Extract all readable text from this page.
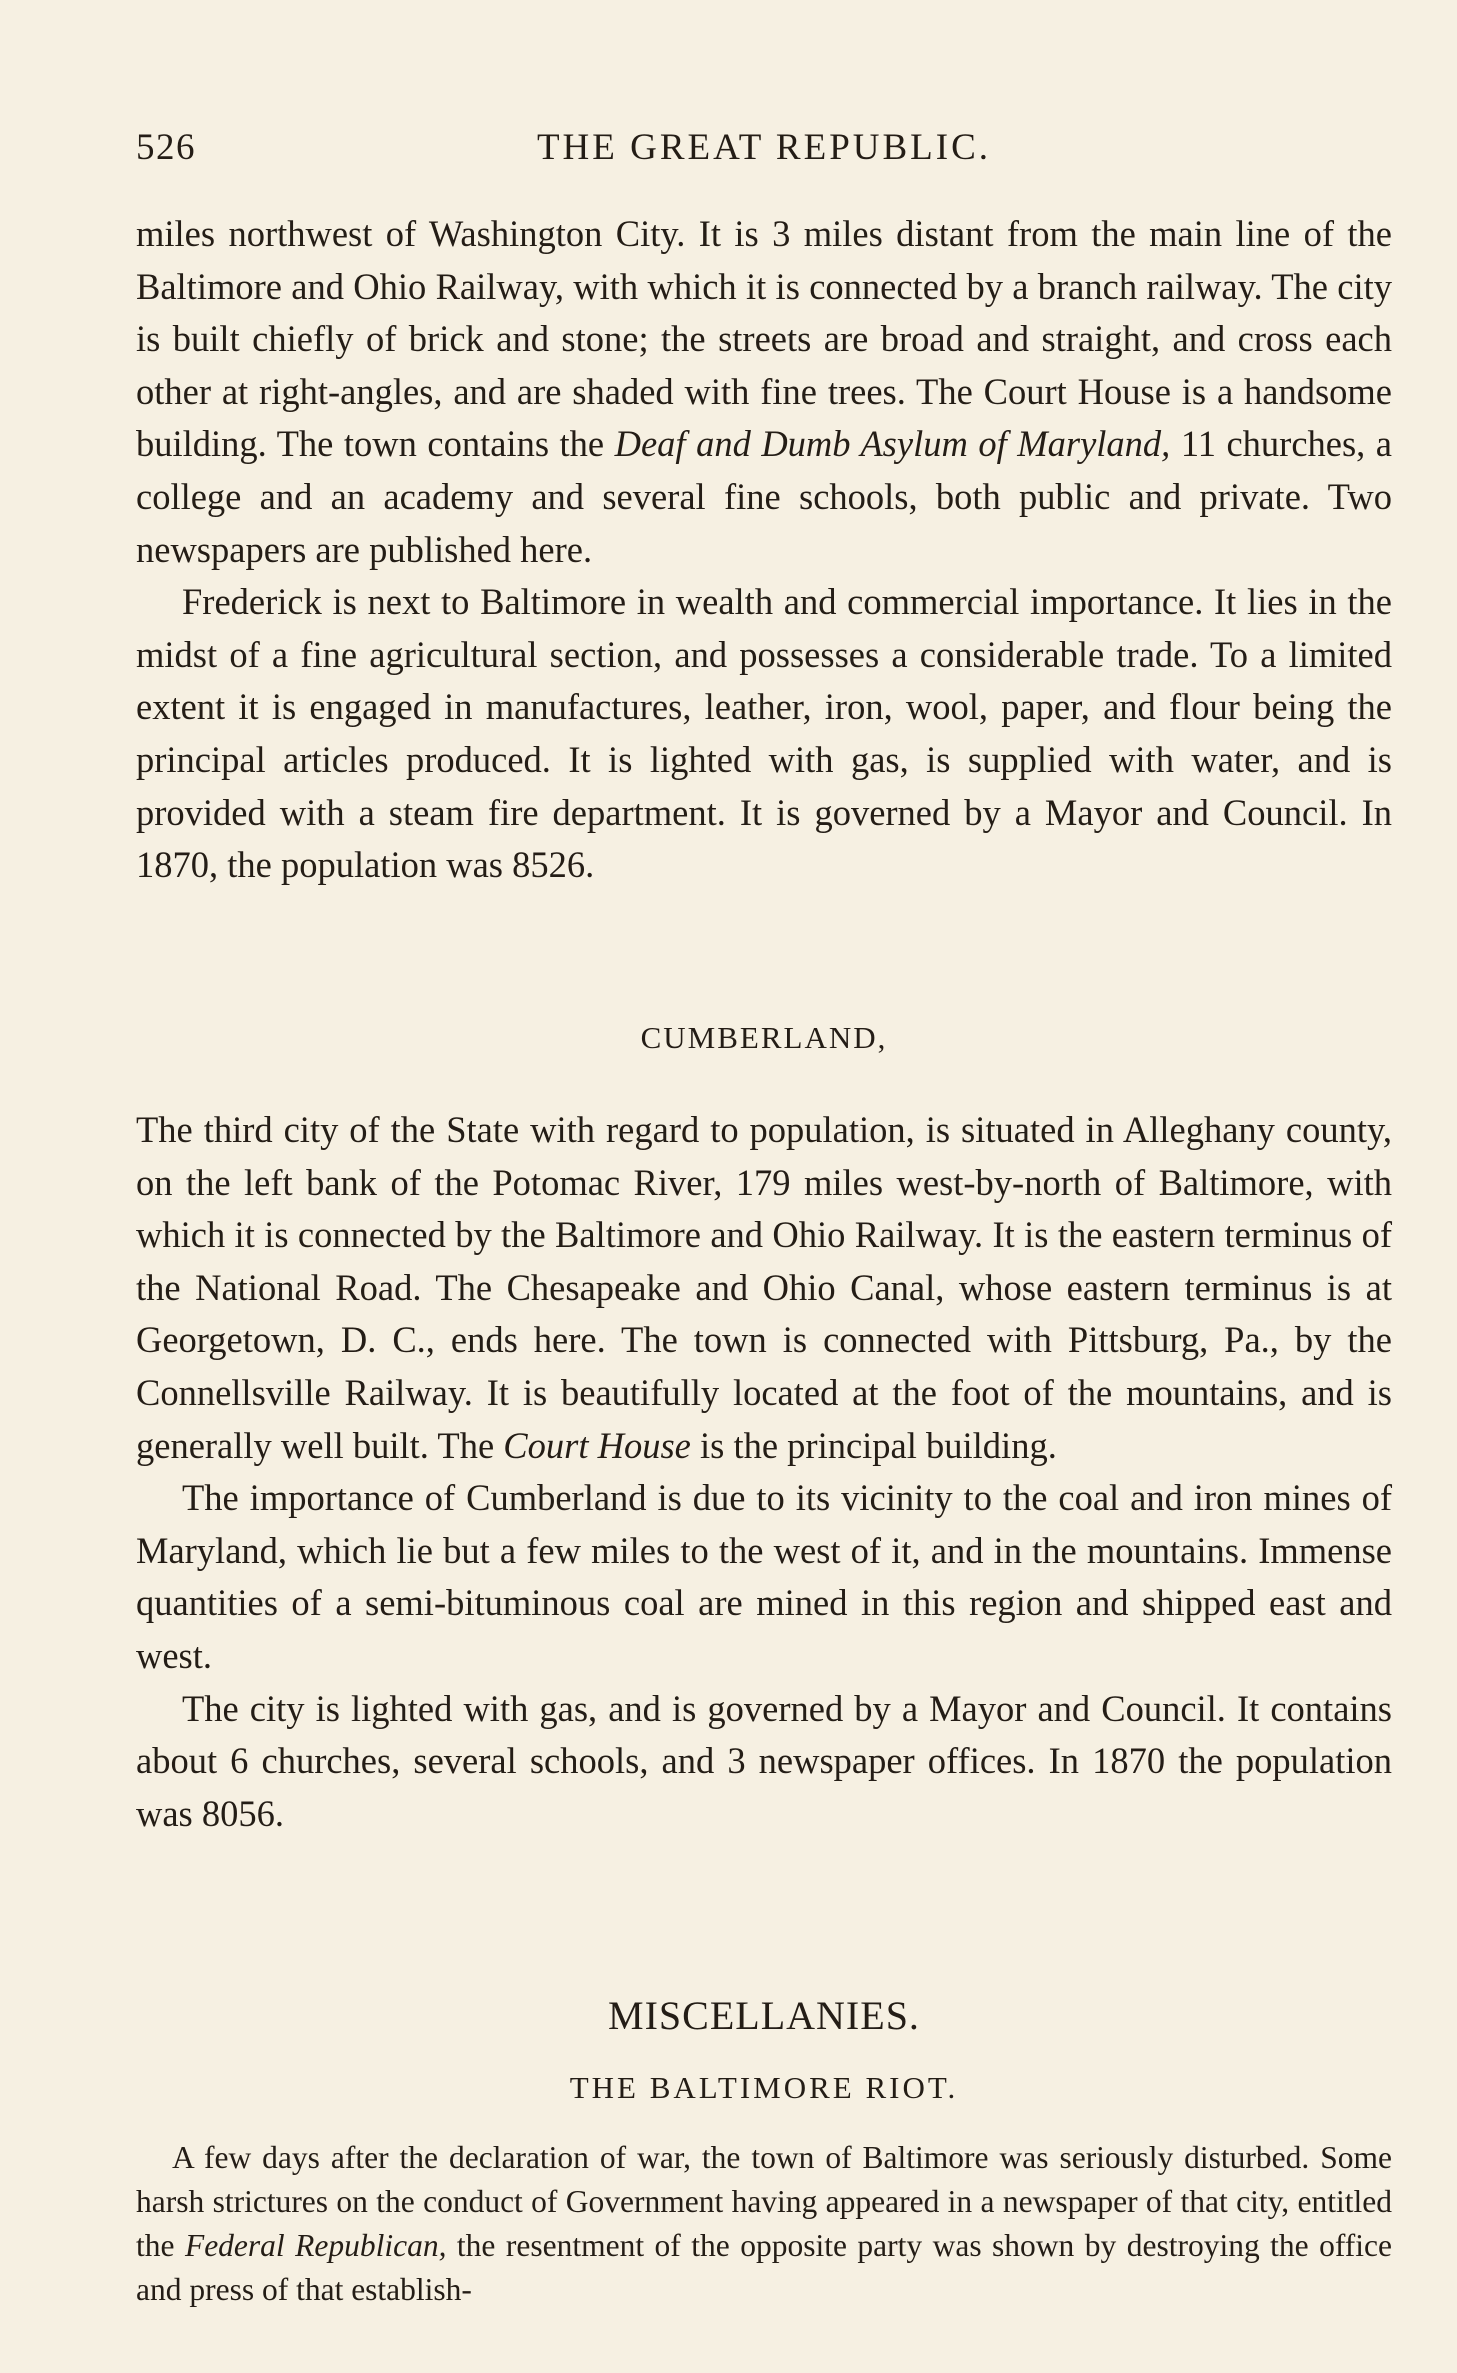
526	THE GREAT REPUBLIC.

miles northwest of Washington City. It is 3 miles distant from the main line of the Baltimore and Ohio Railway, with which it is connected by a branch railway. The city is built chiefly of brick and stone; the streets are broad and straight, and cross each other at right-angles, and are shaded with fine trees. The Court House is a handsome building. The town contains the Deaf and Dumb Asylum of Maryland, 11 churches, a college and an academy and several fine schools, both public and private. Two newspapers are published here.

Frederick is next to Baltimore in wealth and commercial importance. It lies in the midst of a fine agricultural section, and possesses a considerable trade. To a limited extent it is engaged in manufactures, leather, iron, wool, paper, and flour being the principal articles produced. It is lighted with gas, is supplied with water, and is provided with a steam fire department. It is governed by a Mayor and Council. In 1870, the population was 8526.

CUMBERLAND,

The third city of the State with regard to population, is situated in Alleghany county, on the left bank of the Potomac River, 179 miles west-by-north of Baltimore, with which it is connected by the Baltimore and Ohio Railway. It is the eastern terminus of the National Road. The Chesapeake and Ohio Canal, whose eastern terminus is at Georgetown, D. C., ends here. The town is connected with Pittsburg, Pa., by the Connellsville Railway. It is beautifully located at the foot of the mountains, and is generally well built. The Court House is the principal building.

The importance of Cumberland is due to its vicinity to the coal and iron mines of Maryland, which lie but a few miles to the west of it, and in the mountains. Immense quantities of a semi-bituminous coal are mined in this region and shipped east and west.

The city is lighted with gas, and is governed by a Mayor and Council. It contains about 6 churches, several schools, and 3 newspaper offices. In 1870 the population was 8056.

MISCELLANIES.
THE BALTIMORE RIOT.

A few days after the declaration of war, the town of Baltimore was seriously disturbed. Some harsh strictures on the conduct of Government having appeared in a newspaper of that city, entitled the Federal Republican, the resentment of the opposite party was shown by destroying the office and press of that establish-
